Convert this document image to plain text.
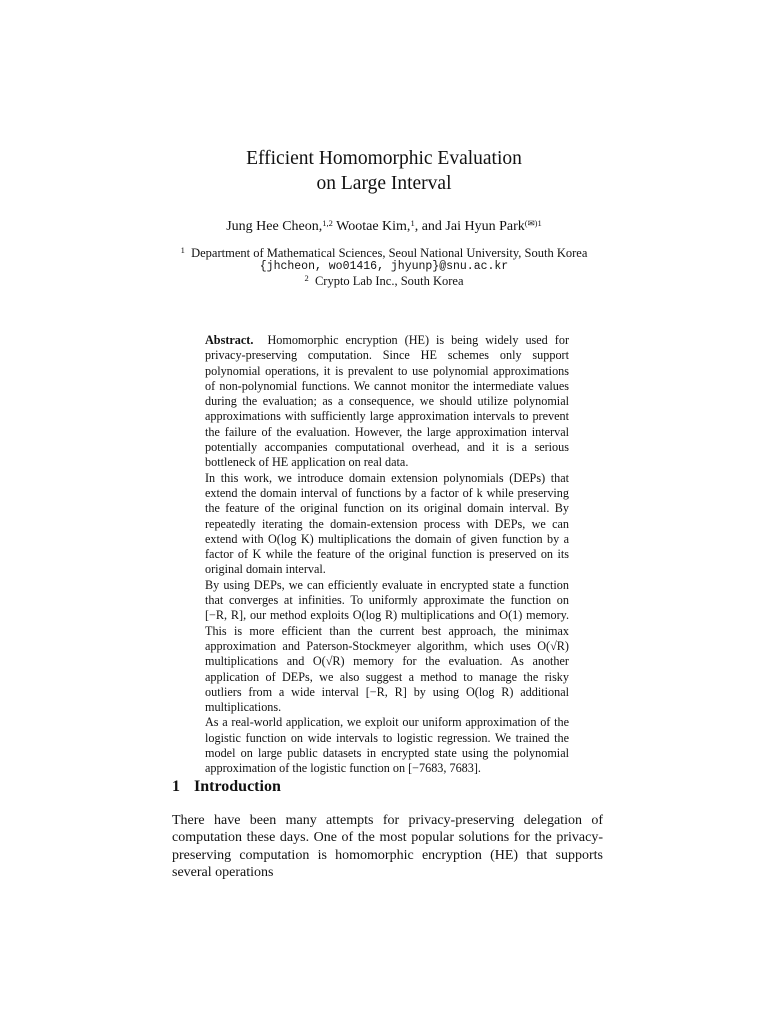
Efficient Homomorphic Evaluation
on Large Interval
Jung Hee Cheon,$^{1,2}$ Wootae Kim,$^1$, and Jai Hyun Park$^{(✉)1}$
$^1$ Department of Mathematical Sciences, Seoul National University, South Korea
{jhcheon, wo01416, jhyunp}@snu.ac.kr
$^2$ Crypto Lab Inc., South Korea

Abstract. Homomorphic encryption (HE) is being widely used for privacy-preserving computation. Since HE schemes only support polynomial operations, it is prevalent to use polynomial approximations of non-polynomial functions. We cannot monitor the intermediate values during the evaluation; as a consequence, we should utilize polynomial approximations with sufficiently large approximation intervals to prevent the failure of the evaluation. However, the large approximation interval potentially accompanies computational overhead, and it is a serious bottleneck of HE application on real data.

In this work, we introduce domain extension polynomials (DEPs) that extend the domain interval of functions by a factor of k while preserving the feature of the original function on its original domain interval. By repeatedly iterating the domain-extension process with DEPs, we can extend with O(log K) multiplications the domain of given function by a factor of K while the feature of the original function is preserved on its original domain interval.

By using DEPs, we can efficiently evaluate in encrypted state a function that converges at infinities. To uniformly approximate the function on [−R, R], our method exploits O(log R) multiplications and O(1) memory. This is more efficient than the current best approach, the minimax approximation and Paterson-Stockmeyer algorithm, which uses O(√R) multiplications and O(√R) memory for the evaluation. As another application of DEPs, we also suggest a method to manage the risky outliers from a wide interval [−R, R] by using O(log R) additional multiplications.

As a real-world application, we exploit our uniform approximation of the logistic function on wide intervals to logistic regression. We trained the model on large public datasets in encrypted state using the polynomial approximation of the logistic function on [−7683, 7683].

1 Introduction

There have been many attempts for privacy-preserving delegation of computation these days. One of the most popular solutions for the privacy-preserving computation is homomorphic encryption (HE) that supports several operations
